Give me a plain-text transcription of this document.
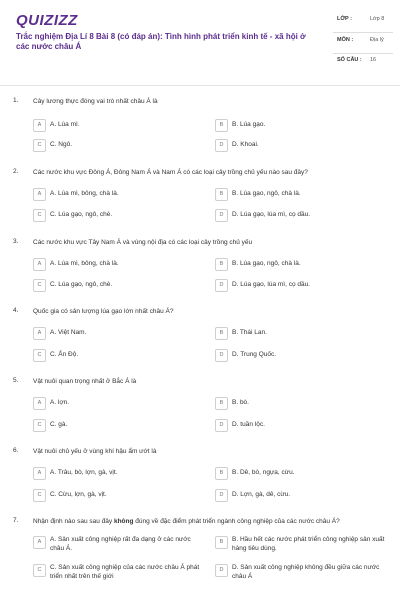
QUIZIZZ
Trắc nghiệm Địa Lí 8 Bài 8 (có đáp án): Tình hình phát triển kinh tế - xã hội ở các nước châu Á
LỚP :	Lớp 8
MÔN :	Địa lý
SỐ CÂU : 16
1. Cây lương thực đóng vai trò nhất châu Á là
A	A. Lúa mì.	B	B. Lúa gạo.
C	C. Ngô.	D	D. Khoai.
2. Các nước khu vực Đông Á, Đông Nam Á và Nam Á có các loại cây trồng chủ yếu nào sau đây?
A	A. Lúa mì, bông, chà là.	B	B. Lúa gạo, ngô, chà là.
C	C. Lúa gạo, ngô, chè.	D	D. Lúa gạo, lúa mì, cọ dầu.
3. Các nước khu vực Tây Nam Á và vùng nội địa có các loại cây trồng chủ yếu
A	A. Lúa mì, bông, chà là.	B	B. Lúa gạo, ngô, chà là.
C	C. Lúa gạo, ngô, chè.	D	D. Lúa gạo, lúa mì, cọ dầu.
4. Quốc gia có sản lượng lúa gạo lớn nhất châu Á?
A	A. Việt Nam.	B	B. Thái Lan.
C	C. Ấn Độ.	D	D. Trung Quốc.
5. Vật nuôi quan trọng nhất ở Bắc Á là
A	A. lợn.	B	B. bò.
C	C. gà.	D	D. tuần lộc.
6. Vật nuôi chủ yếu ở vùng khí hậu ẩm ướt là
A	A. Trâu, bò, lợn, gà, vịt.	B	B. Dê, bò, ngựa, cừu.
C	C. Cừu, lợn, gà, vịt.	D	D. Lợn, gà, dê, cừu.
7. Nhận định nào sau sau đây không đúng về đặc điểm phát triển ngành công nghiệp của các nước châu Á?
A	A. Sản xuất công nghiệp rất đa dạng ở các nước châu Á.
B	B. Hầu hết các nước phát triển công nghiệp sản xuất hàng tiêu dùng.
C	C. Sản xuất công nghiệp của các nước châu Á phát triển nhất trên thế giới
D	D. Sản xuất công nghiệp không đều giữa các nước châu Á
